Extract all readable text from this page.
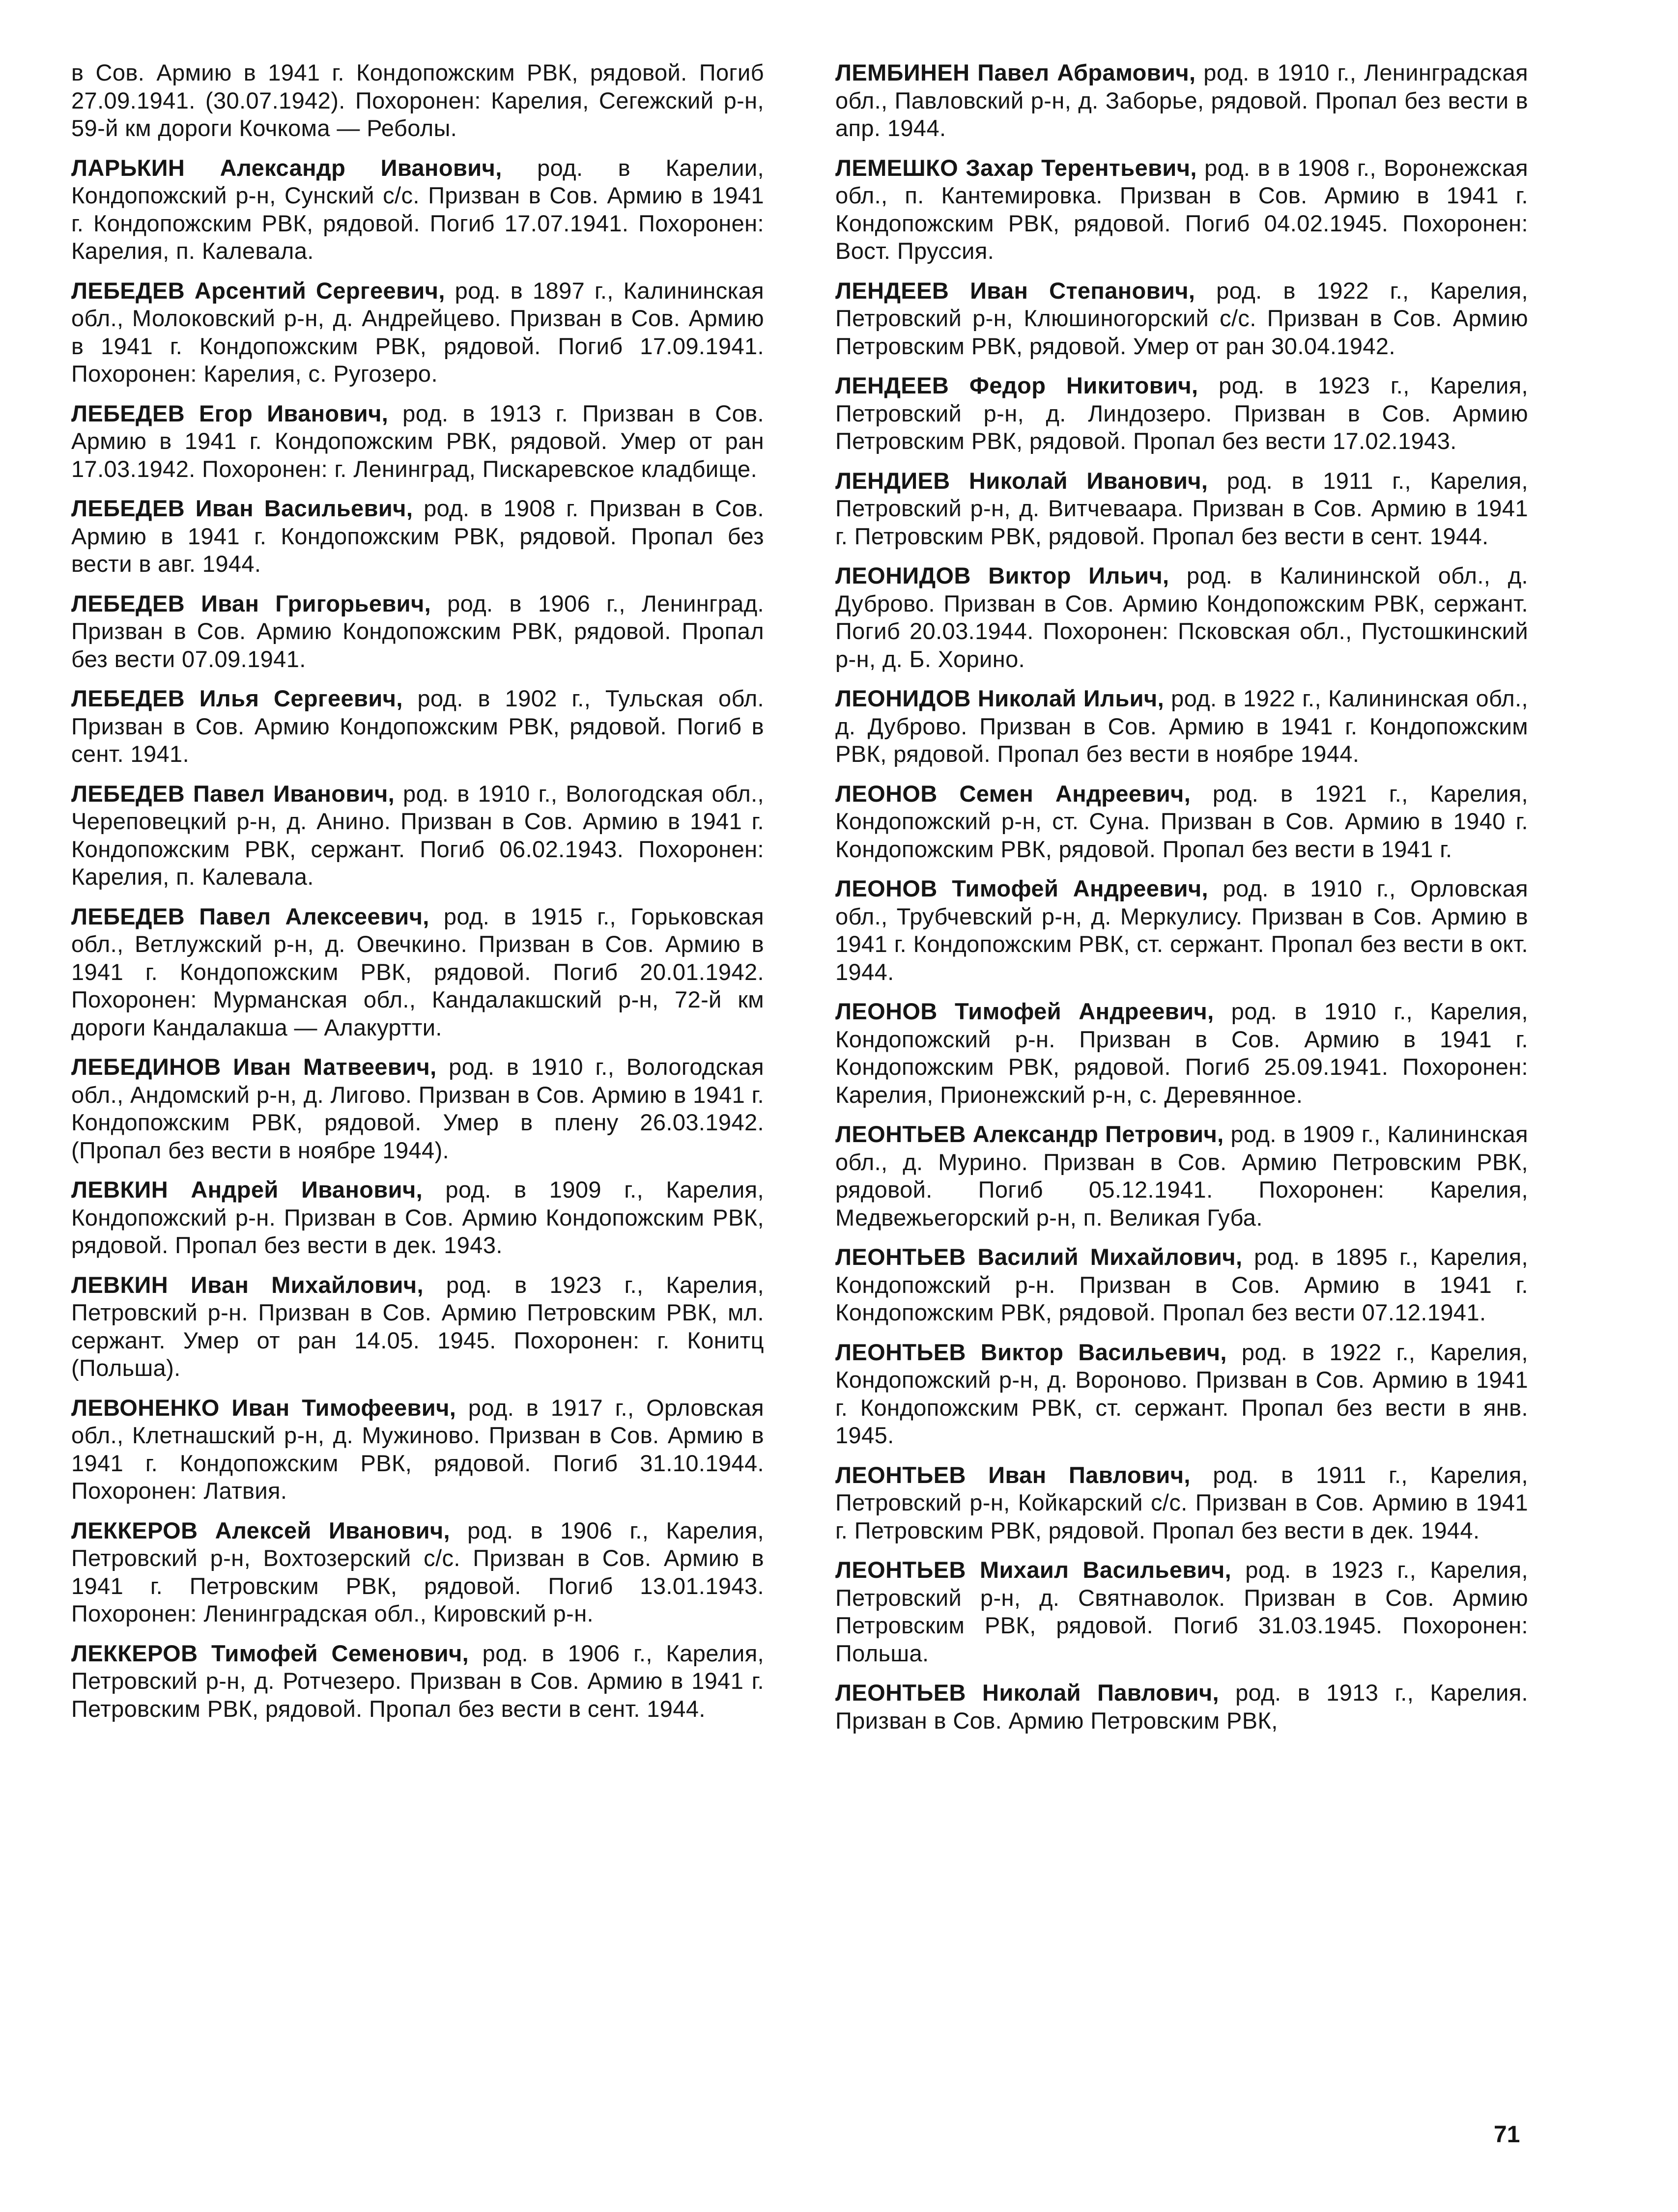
в Сов. Армию в 1941 г. Кондопожским РВК, рядовой. Погиб 27.09.1941. (30.07.1942). Похоронен: Карелия, Сегежский р-н, 59-й км дороги Кочкома — Реболы.

ЛАРЬКИН Александр Иванович, род. в Карелии, Кондопожский р-н, Сунский с/с. Призван в Сов. Армию в 1941 г. Кондопожским РВК, рядовой. Погиб 17.07.1941. Похоронен: Карелия, п. Калевала.

ЛЕБЕДЕВ Арсентий Сергеевич, род. в 1897 г., Калининская обл., Молоковский р-н, д. Андрейцево. Призван в Сов. Армию в 1941 г. Кондопожским РВК, рядовой. Погиб 17.09.1941. Похоронен: Карелия, с. Ругозеро.

ЛЕБЕДЕВ Егор Иванович, род. в 1913 г. Призван в Сов. Армию в 1941 г. Кондопожским РВК, рядовой. Умер от ран 17.03.1942. Похоронен: г. Ленинград, Пискаревское кладбище.

ЛЕБЕДЕВ Иван Васильевич, род. в 1908 г. Призван в Сов. Армию в 1941 г. Кондопожским РВК, рядовой. Пропал без вести в авг. 1944.

ЛЕБЕДЕВ Иван Григорьевич, род. в 1906 г., Ленинград. Призван в Сов. Армию Кондопожским РВК, рядовой. Пропал без вести 07.09.1941.

ЛЕБЕДЕВ Илья Сергеевич, род. в 1902 г., Тульская обл. Призван в Сов. Армию Кондопожским РВК, рядовой. Погиб в сент. 1941.

ЛЕБЕДЕВ Павел Иванович, род. в 1910 г., Вологодская обл., Череповецкий р-н, д. Анино. Призван в Сов. Армию в 1941 г. Кондопожским РВК, сержант. Погиб 06.02.1943. Похоронен: Карелия, п. Калевала.

ЛЕБЕДЕВ Павел Алексеевич, род. в 1915 г., Горьковская обл., Ветлужский р-н, д. Овечкино. Призван в Сов. Армию в 1941 г. Кондопожским РВК, рядовой. Погиб 20.01.1942. Похоронен: Мурманская обл., Кандалакшский р-н, 72-й км дороги Кандалакша — Алакуртти.

ЛЕБЕДИНОВ Иван Матвеевич, род. в 1910 г., Вологодская обл., Андомский р-н, д. Лигово. Призван в Сов. Армию в 1941 г. Кондопожским РВК, рядовой. Умер в плену 26.03.1942. (Пропал без вести в ноябре 1944).

ЛЕВКИН Андрей Иванович, род. в 1909 г., Карелия, Кондопожский р-н. Призван в Сов. Армию Кондопожским РВК, рядовой. Пропал без вести в дек. 1943.

ЛЕВКИН Иван Михайлович, род. в 1923 г., Карелия, Петровский р-н. Призван в Сов. Армию Петровским РВК, мл. сержант. Умер от ран 14.05. 1945. Похоронен: г. Конитц (Польша).

ЛЕВОНЕНКО Иван Тимофеевич, род. в 1917 г., Орловская обл., Клетнашский р-н, д. Мужиново. Призван в Сов. Армию в 1941 г. Кондопожским РВК, рядовой. Погиб 31.10.1944. Похоронен: Латвия.

ЛЕККЕРОВ Алексей Иванович, род. в 1906 г., Карелия, Петровский р-н, Вохтозерский с/с. Призван в Сов. Армию в 1941 г. Петровским РВК, рядовой. Погиб 13.01.1943. Похоронен: Ленинградская обл., Кировский р-н.

ЛЕККЕРОВ Тимофей Семенович, род. в 1906 г., Карелия, Петровский р-н, д. Ротчезеро. Призван в Сов. Армию в 1941 г. Петровским РВК, рядовой. Пропал без вести в сент. 1944.

ЛЕМБИНЕН Павел Абрамович, род. в 1910 г., Ленинградская обл., Павловский р-н, д. Заборье, рядовой. Пропал без вести в апр. 1944.

ЛЕМЕШКО Захар Терентьевич, род. в в 1908 г., Воронежская обл., п. Кантемировка. Призван в Сов. Армию в 1941 г. Кондопожским РВК, рядовой. Погиб 04.02.1945. Похоронен: Вост. Пруссия.

ЛЕНДЕЕВ Иван Степанович, род. в 1922 г., Карелия, Петровский р-н, Клюшиногорский с/с. Призван в Сов. Армию Петровским РВК, рядовой. Умер от ран 30.04.1942.

ЛЕНДЕЕВ Федор Никитович, род. в 1923 г., Карелия, Петровский р-н, д. Линдозеро. Призван в Сов. Армию Петровским РВК, рядовой. Пропал без вести 17.02.1943.

ЛЕНДИЕВ Николай Иванович, род. в 1911 г., Карелия, Петровский р-н, д. Витчеваара. Призван в Сов. Армию в 1941 г. Петровским РВК, рядовой. Пропал без вести в сент. 1944.

ЛЕОНИДОВ Виктор Ильич, род. в Калининской обл., д. Дуброво. Призван в Сов. Армию Кондопожским РВК, сержант. Погиб 20.03.1944. Похоронен: Псковская обл., Пустошкинский р-н, д. Б. Хорино.

ЛЕОНИДОВ Николай Ильич, род. в 1922 г., Калининская обл., д. Дуброво. Призван в Сов. Армию в 1941 г. Кондопожским РВК, рядовой. Пропал без вести в ноябре 1944.

ЛЕОНОВ Семен Андреевич, род. в 1921 г., Карелия, Кондопожский р-н, ст. Суна. Призван в Сов. Армию в 1940 г. Кондопожским РВК, рядовой. Пропал без вести в 1941 г.

ЛЕОНОВ Тимофей Андреевич, род. в 1910 г., Орловская обл., Трубчевский р-н, д. Меркулису. Призван в Сов. Армию в 1941 г. Кондопожским РВК, ст. сержант. Пропал без вести в окт. 1944.

ЛЕОНОВ Тимофей Андреевич, род. в 1910 г., Карелия, Кондопожский р-н. Призван в Сов. Армию в 1941 г. Кондопожским РВК, рядовой. Погиб 25.09.1941. Похоронен: Карелия, Прионежский р-н, с. Деревянное.

ЛЕОНТЬЕВ Александр Петрович, род. в 1909 г., Калининская обл., д. Мурино. Призван в Сов. Армию Петровским РВК, рядовой. Погиб 05.12.1941. Похоронен: Карелия, Медвежьегорский р-н, п. Великая Губа.

ЛЕОНТЬЕВ Василий Михайлович, род. в 1895 г., Карелия, Кондопожский р-н. Призван в Сов. Армию в 1941 г. Кондопожским РВК, рядовой. Пропал без вести 07.12.1941.

ЛЕОНТЬЕВ Виктор Васильевич, род. в 1922 г., Карелия, Кондопожский р-н, д. Вороново. Призван в Сов. Армию в 1941 г. Кондопожским РВК, ст. сержант. Пропал без вести в янв. 1945.

ЛЕОНТЬЕВ Иван Павлович, род. в 1911 г., Карелия, Петровский р-н, Койкарский с/с. Призван в Сов. Армию в 1941 г. Петровским РВК, рядовой. Пропал без вести в дек. 1944.

ЛЕОНТЬЕВ Михаил Васильевич, род. в 1923 г., Карелия, Петровский р-н, д. Святнаволок. Призван в Сов. Армию Петровским РВК, рядовой. Погиб 31.03.1945. Похоронен: Польша.

ЛЕОНТЬЕВ Николай Павлович, род. в 1913 г., Карелия. Призван в Сов. Армию Петровским РВК,

71
